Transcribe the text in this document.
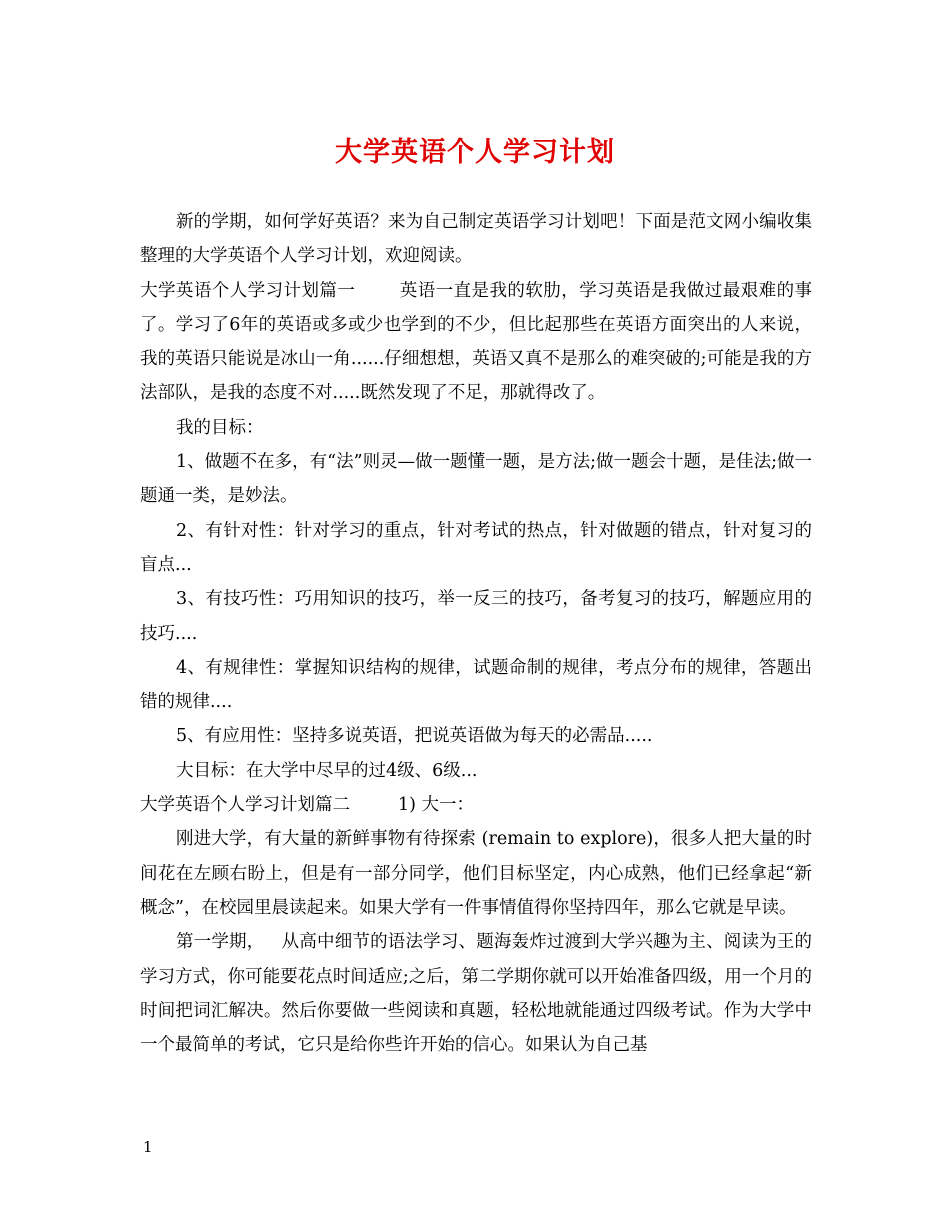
大学英语个人学习计划

新的学期，如何学好英语？来为自己制定英语学习计划吧！下面是范文网小编收集整理的大学英语个人学习计划，欢迎阅读。

大学英语个人学习计划篇一	英语一直是我的软肋，学习英语是我做过最艰难的事了。学习了6年的英语或多或少也学到的不少，但比起那些在英语方面突出的人来说，我的英语只能说是冰山一角......仔细想想，英语又真不是那么的难突破的;可能是我的方法部队，是我的态度不对.....既然发现了不足，那就得改了。

我的目标：

1、做题不在多，有“法”则灵—做一题懂一题，是方法;做一题会十题，是佳法;做一题通一类，是妙法。

2、有针对性：针对学习的重点，针对考试的热点，针对做题的错点，针对复习的盲点...

3、有技巧性：巧用知识的技巧，举一反三的技巧，备考复习的技巧，解题应用的技巧....

4、有规律性：掌握知识结构的规律，试题命制的规律，考点分布的规律，答题出错的规律....

5、有应用性：坚持多说英语，把说英语做为每天的必需品.....

大目标：在大学中尽早的过4级、6级...

大学英语个人学习计划篇二	1) 大一：

刚进大学，有大量的新鲜事物有待探索 (remain to explore)，很多人把大量的时间花在左顾右盼上，但是有一部分同学，他们目标坚定，内心成熟，他们已经拿起“新概念”，在校园里晨读起来。如果大学有一件事情值得你坚持四年，那么它就是早读。

第一学期， 从高中细节的语法学习、题海轰炸过渡到大学兴趣为主、阅读为王的学习方式，你可能要花点时间适应;之后，第二学期你就可以开始准备四级，用一个月的时间把词汇解决。然后你要做一些阅读和真题，轻松地就能通过四级考试。作为大学中一个最简单的考试，它只是给你些许开始的信心。如果认为自己基

1
